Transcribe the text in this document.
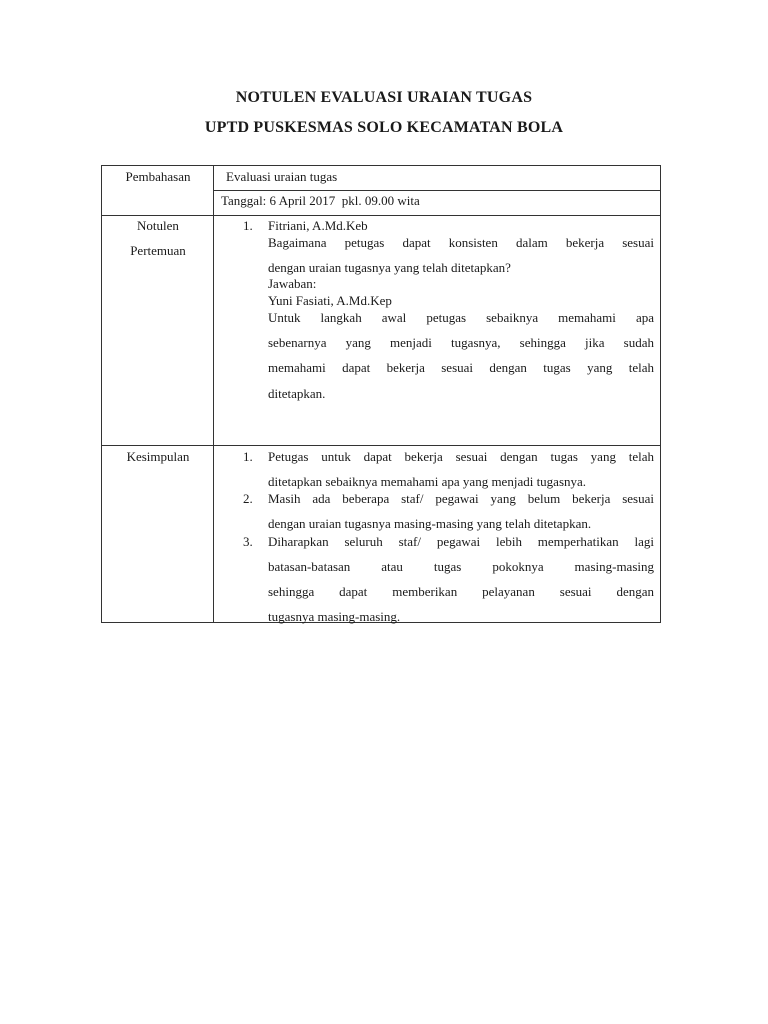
NOTULEN EVALUASI URAIAN TUGAS
UPTD PUSKESMAS SOLO KECAMATAN BOLA
Pembahasan	Evaluasi uraian tugas
Tanggal: 6 April 2017  pkl. 09.00 wita
Notulen
Pertemuan
1. Fitriani, A.Md.Keb
Bagaimana petugas dapat konsisten dalam bekerja sesuai
dengan uraian tugasnya yang telah ditetapkan?
Jawaban:
Yuni Fasiati, A.Md.Kep
Untuk langkah awal petugas sebaiknya memahami apa
sebenarnya yang menjadi tugasnya, sehingga jika sudah
memahami dapat bekerja sesuai dengan tugas yang telah
ditetapkan.
Kesimpulan	1. Petugas untuk dapat bekerja sesuai dengan tugas yang telah
ditetapkan sebaiknya memahami apa yang menjadi tugasnya.
2. Masih ada beberapa staf/ pegawai yang belum bekerja sesuai
dengan uraian tugasnya masing-masing yang telah ditetapkan.
3. Diharapkan seluruh staf/ pegawai lebih memperhatikan lagi
batasan-batasan atau tugas pokoknya masing-masing
sehingga dapat memberikan pelayanan sesuai dengan
tugasnya masing-masing.
